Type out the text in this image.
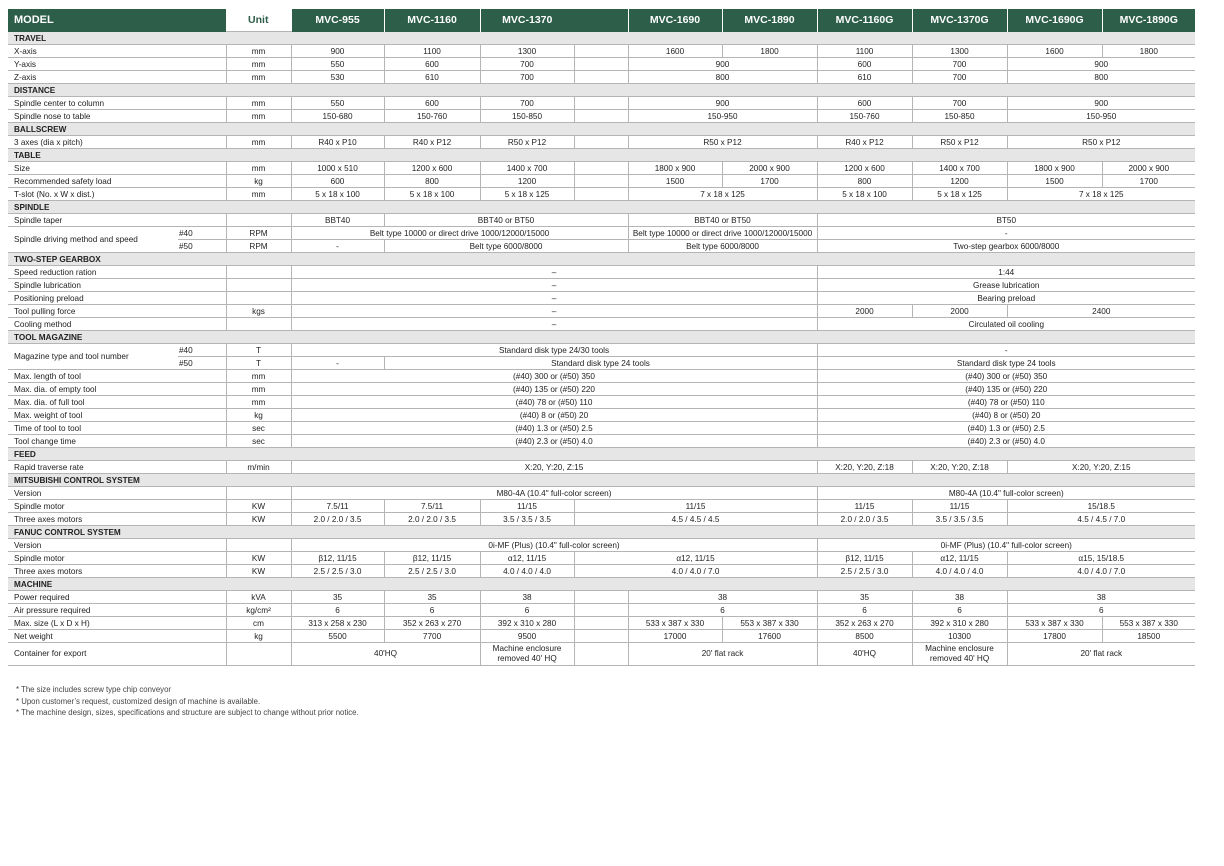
MODEL		Unit	MVC-955	MVC-1160	MVC-1370		MVC-1690	MVC-1890	MVC-1160G	MVC-1370G	MVC-1690G	MVC-1890G
TRAVEL												
X-axis		mm	900	1100	1300		1600	1800	1100	1300	1600	1800
Y-axis		mm	550	600	700		900		600	700	900	
Z-axis		mm	530	610	700		800		610	700	800	
DISTANCE												
Spindle center to column		mm	550	600	700		900		600	700	900	
Spindle nose to table		mm	150-680	150-760	150-850		150-950		150-760	150-850	150-950	
BALLSCREW												
3 axes (dia x pitch)		mm	R40 x P10	R40 x P12	R50 x P12		R50 x P12		R40 x P12	R50 x P12	R50 x P12	
TABLE												
Size		mm	1000 x 510	1200 x 600	1400 x 700		1800 x 900	2000 x 900	1200 x 600	1400 x 700	1800 x 900	2000 x 900
Recommended safety load		kg	600	800	1200		1500	1700	800	1200	1500	1700
T-slot (No. x W x dist.)		mm	5 x 18 x 100	5 x 18 x 100	5 x 18 x 125		7 x 18 x 125		5 x 18 x 100	5 x 18 x 125	7 x 18 x 125	
SPINDLE												
Spindle taper			BBT40	BBT40 or BT50			BBT40 or BT50		BT50			
Spindle driving method and speed	#40	RPM	Belt type 10000 or direct drive 1000/12000/15000				Belt type 10000 or direct drive 1000/12000/15000		-			
	#50	RPM	-	Belt type 6000/8000			Belt type 6000/8000		Two-step gearbox 6000/8000			
TWO-STEP GEARBOX												
Speed reduction ration			–						1:44			
Spindle lubrication			–						Grease lubrication			
Positioning preload			–						Bearing preload			
Tool pulling force		kgs	–						2000	2000	2400	
Cooling method			–						Circulated oil cooling			
TOOL MAGAZINE												
Magazine type and tool number	#40	T	Standard disk type 24/30 tools						-			
	#50	T	-	Standard disk type 24 tools					Standard disk type 24 tools			
Max. length of tool		mm	(#40) 300 or (#50) 350						(#40) 300 or (#50) 350			
Max. dia. of empty tool		mm	(#40) 135 or (#50) 220						(#40) 135 or (#50) 220			
Max. dia. of full tool		mm	(#40) 78 or (#50) 110						(#40) 78 or (#50) 110			
Max. weight of tool		kg	(#40) 8 or (#50) 20						(#40) 8 or (#50) 20			
Time of tool to tool		sec	(#40) 1.3 or (#50) 2.5						(#40) 1.3 or (#50) 2.5			
Tool change time		sec	(#40) 2.3 or (#50) 4.0						(#40) 2.3 or (#50) 4.0			
FEED												
Rapid traverse rate		m/min	X:20, Y:20, Z:15						X:20, Y:20, Z:18	X:20, Y:20, Z:18	X:20, Y:20, Z:15	
MITSUBISHI CONTROL SYSTEM												
Version			M80-4A (10.4" full-color screen)						M80-4A (10.4" full-color screen)			
Spindle motor		KW	7.5/11	7.5/11	11/15	11/15			11/15	11/15	15/18.5	
Three axes motors		KW	2.0 / 2.0 / 3.5	2.0 / 2.0 / 3.5	3.5 / 3.5 / 3.5	4.5 / 4.5 / 4.5			2.0 / 2.0 / 3.5	3.5 / 3.5 / 3.5	4.5 / 4.5 / 7.0	
FANUC CONTROL SYSTEM												
Version			0i-MF (Plus) (10.4" full-color screen)						0i-MF (Plus) (10.4" full-color screen)			
Spindle motor		KW	β12, 11/15	β12, 11/15	α12, 11/15	α12, 11/15			β12, 11/15	α12, 11/15	α15, 15/18.5	
Three axes motors		KW	2.5 / 2.5 / 3.0	2.5 / 2.5 / 3.0	4.0 / 4.0 / 4.0	4.0 / 4.0 / 7.0			2.5 / 2.5 / 3.0	4.0 / 4.0 / 4.0	4.0 / 4.0 / 7.0	
MACHINE												
Power required		kVA	35	35	38		38		35	38	38	
Air pressure required		kg/cm²	6	6	6		6		6	6	6	
Max. size (L x D x H)		cm	313 x 258 x 230	352 x 263 x 270	392 x 310 x 280		533 x 387 x 330	553 x 387 x 330	352 x 263 x 270	392 x 310 x 280	533 x 387 x 330	553 x 387 x 330
Net weight		kg	5500	7700	9500		17000	17600	8500	10300	17800	18500
Container for export			40'HQ		Machine enclosure removed 40' HQ		20' flat rack		40'HQ	Machine enclosure removed 40' HQ	20' flat rack	
* The size includes screw type chip conveyor
* Upon customer’s request, customized design of machine is available.
* The machine design, sizes, specifications and structure are subject to change without prior notice.
